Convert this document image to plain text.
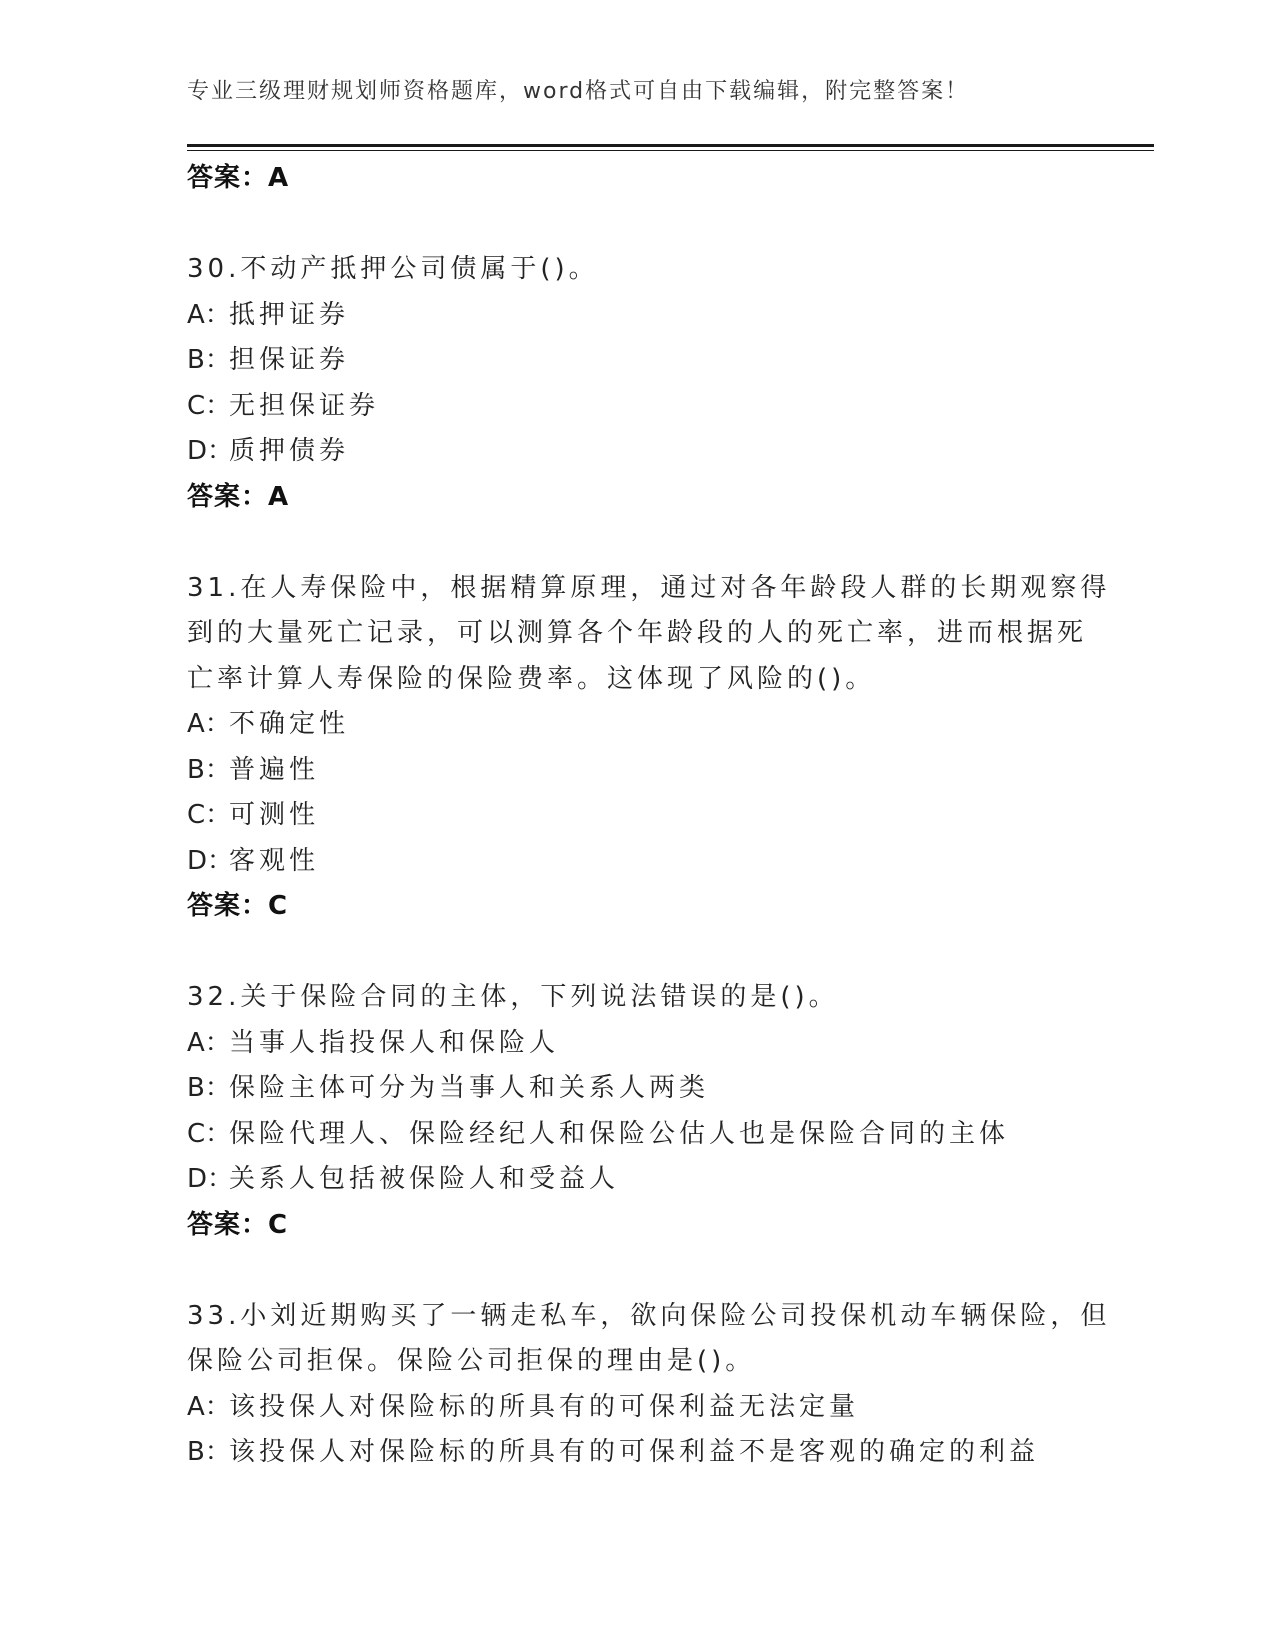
专业三级理财规划师资格题库，word格式可自由下载编辑，附完整答案！
答案：A
30.不动产抵押公司债属于()。
A：抵押证券
B：担保证券
C：无担保证券
D：质押债券
答案：A
31.在人寿保险中，根据精算原理，通过对各年龄段人群的长期观察得
到的大量死亡记录，可以测算各个年龄段的人的死亡率，进而根据死
亡率计算人寿保险的保险费率。这体现了风险的()。
A：不确定性
B：普遍性
C：可测性
D：客观性
答案：C
32.关于保险合同的主体，下列说法错误的是()。
A：当事人指投保人和保险人
B：保险主体可分为当事人和关系人两类
C：保险代理人、保险经纪人和保险公估人也是保险合同的主体
D：关系人包括被保险人和受益人
答案：C
33.小刘近期购买了一辆走私车，欲向保险公司投保机动车辆保险，但
保险公司拒保。保险公司拒保的理由是()。
A：该投保人对保险标的所具有的可保利益无法定量
B：该投保人对保险标的所具有的可保利益不是客观的确定的利益
